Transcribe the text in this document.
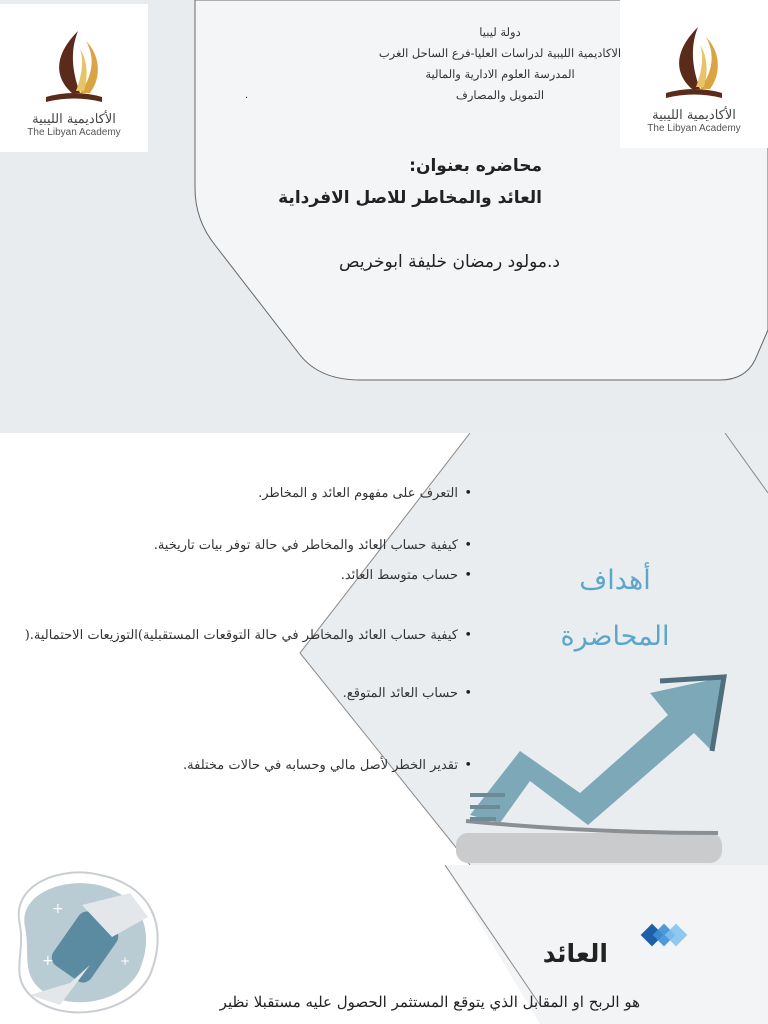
الأكاديمية الليبية
The Libyan Academy
الأكاديمية الليبية
The Libyan Academy
دولة ليبيا
الاكاديمية الليبية لدراسات العليا-فرع الساحل الغرب
المدرسة العلوم الادارية والمالية
التمويل والمصارف
.
محاضره بعنوان:
العائد والمخاطر للاصل الافرداية
د.مولود رمضان خليفة ابوخريص
•التعرف على مفهوم العائد و المخاطر.
•كيفية حساب العائد والمخاطر في حالة توفر بيات تاريخية.
•حساب متوسط العائد.
•كيفية حساب العائد والمخاطر في حالة التوقعات المستقبلية)التوزيعات الاحتمالية.(
•حساب العائد المتوقع.
•تقدير الخطر لأصل مالي وحسابه في حالات مختلفة.
أهداف
المحاضرة
+
+	+	العائد
هو الربح او المقابل الذي يتوقع المستثمر الحصول عليه مستقبلا نظير
